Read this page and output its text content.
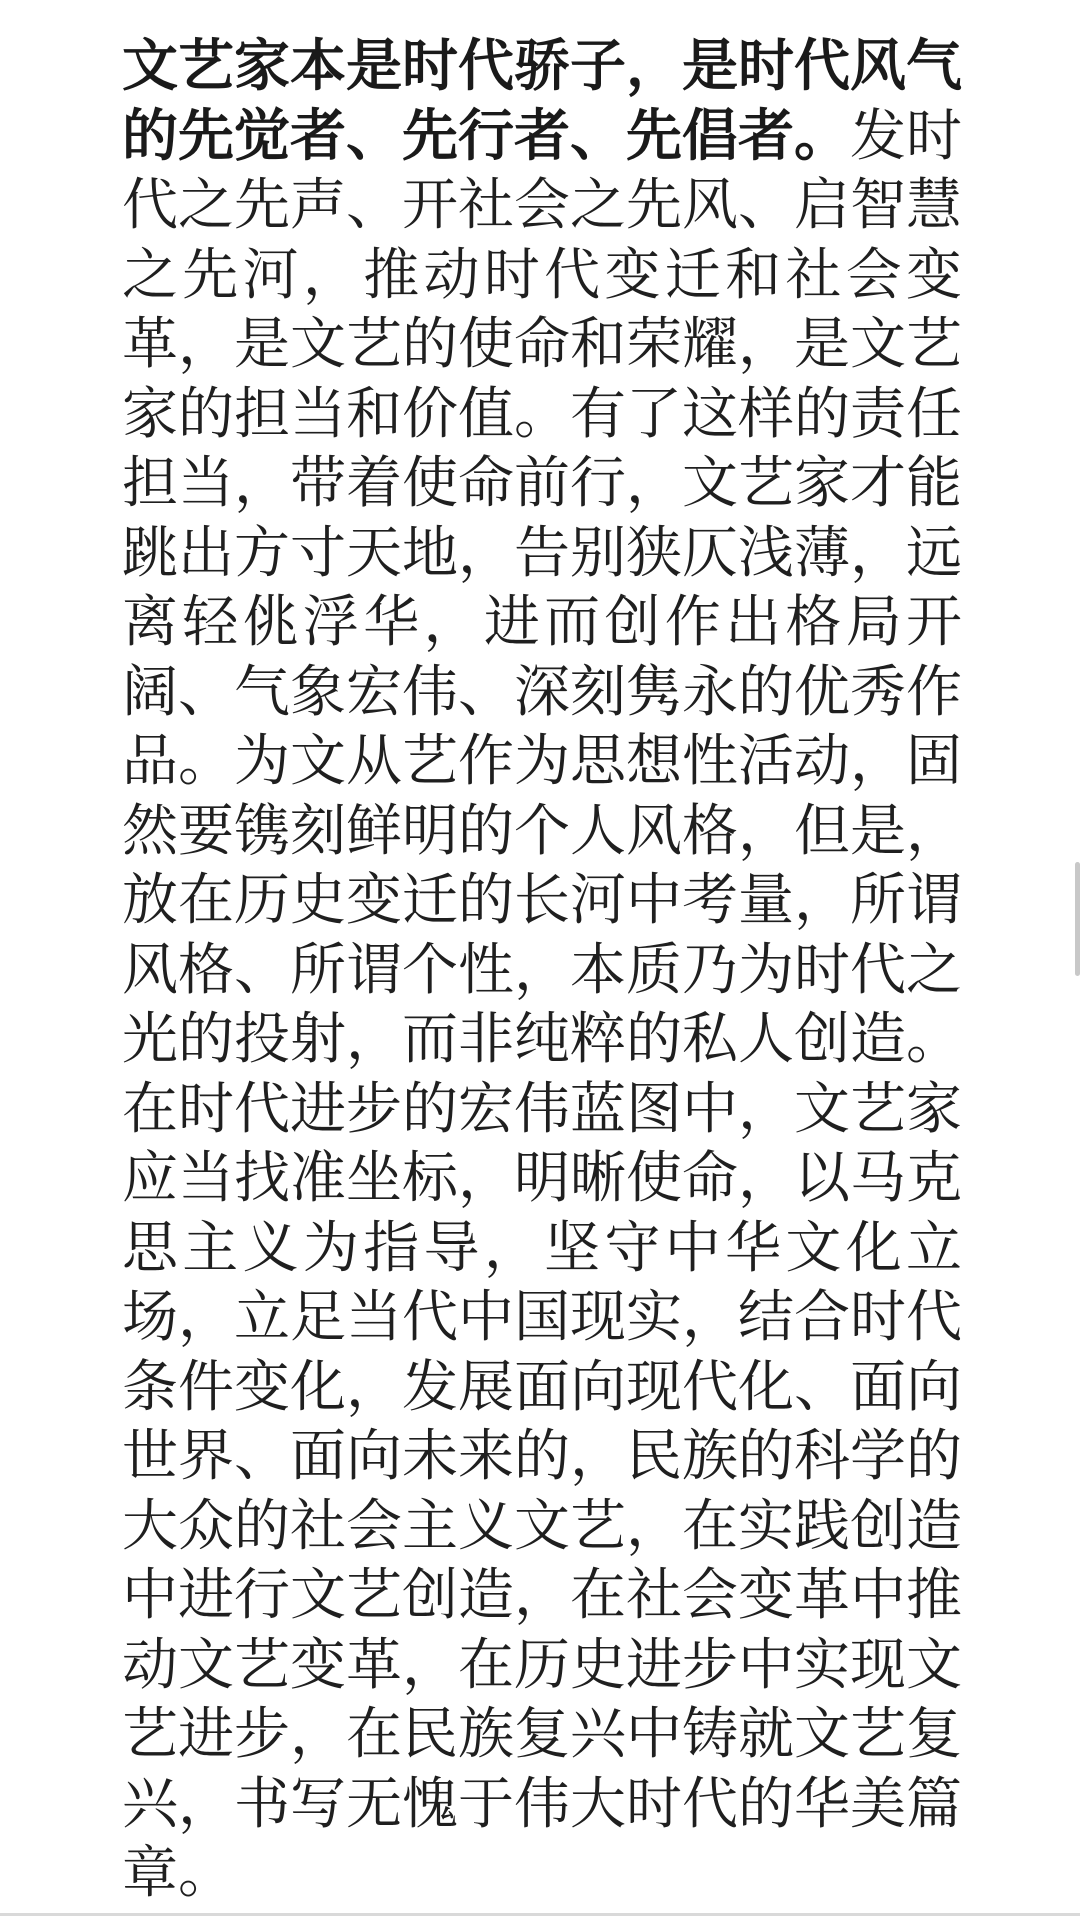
文艺家本是时代骄子，是时代风气的先觉者、先行者、先倡者。发时代之先声、开社会之先风、启智慧之先河，推动时代变迁和社会变革，是文艺的使命和荣耀，是文艺家的担当和价值。有了这样的责任担当，带着使命前行，文艺家才能跳出方寸天地，告别狭仄浅薄，远离轻佻浮华，进而创作出格局开阔、气象宏伟、深刻隽永的优秀作品。为文从艺作为思想性活动，固然要镌刻鲜明的个人风格，但是，放在历史变迁的长河中考量，所谓风格、所谓个性，本质乃为时代之光的投射，而非纯粹的私人创造。在时代进步的宏伟蓝图中，文艺家应当找准坐标，明晰使命，以马克思主义为指导，坚守中华文化立场，立足当代中国现实，结合时代条件变化，发展面向现代化、面向世界、面向未来的，民族的科学的大众的社会主义文艺，在实践创造中进行文艺创造，在社会变革中推动文艺变革，在历史进步中实现文艺进步，在民族复兴中铸就文艺复兴，书写无愧于伟大时代的华美篇章。
